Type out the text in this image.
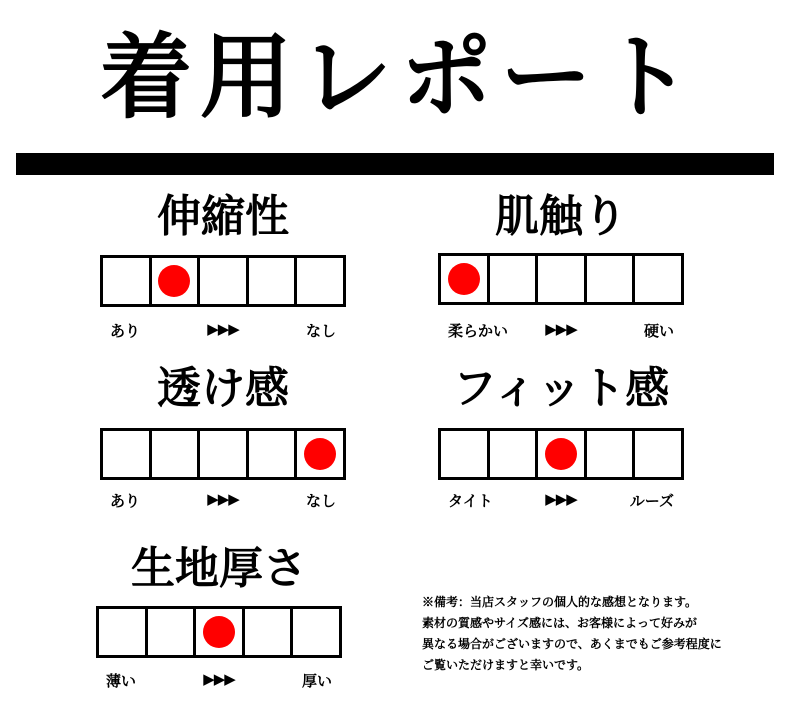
着用レポート
伸縮性
あり	▶▶▶	なし
肌触り
柔らかい ▶▶▶	硬い
透け感
あり	▶▶▶	なし
フィット感
タイト	▶▶▶	ルーズ
生地厚さ
薄い	▶▶▶	厚い
※備考：当店スタッフの個人的な感想となります。
素材の質感やサイズ感には、お客様によって好みが
異なる場合がございますので、あくまでもご参考程度に
ご覧いただけますと幸いです。
